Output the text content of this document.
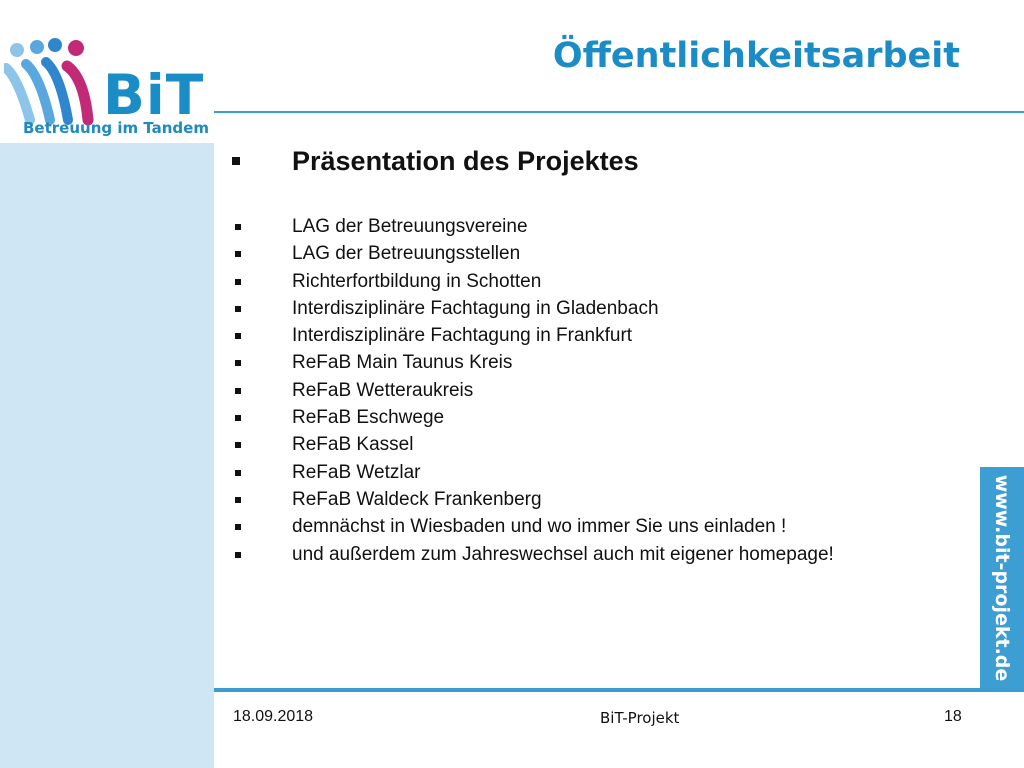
BiT
Betreuung im Tandem
Öffentlichkeitsarbeit
Präsentation des Projektes
LAG der Betreuungsvereine
LAG der Betreuungsstellen
Richterfortbildung in Schotten
Interdisziplinäre Fachtagung in Gladenbach
Interdisziplinäre Fachtagung in Frankfurt
ReFaB Main Taunus Kreis
ReFaB Wetteraukreis
ReFaB Eschwege
ReFaB Kassel
ReFaB Wetzlar
ReFaB Waldeck Frankenberg
demnächst in Wiesbaden und wo immer Sie uns einladen !
und außerdem zum Jahreswechsel auch mit eigener homepage!	www.bit-projekt.de
18.09.2018	BiT-Projekt	18
